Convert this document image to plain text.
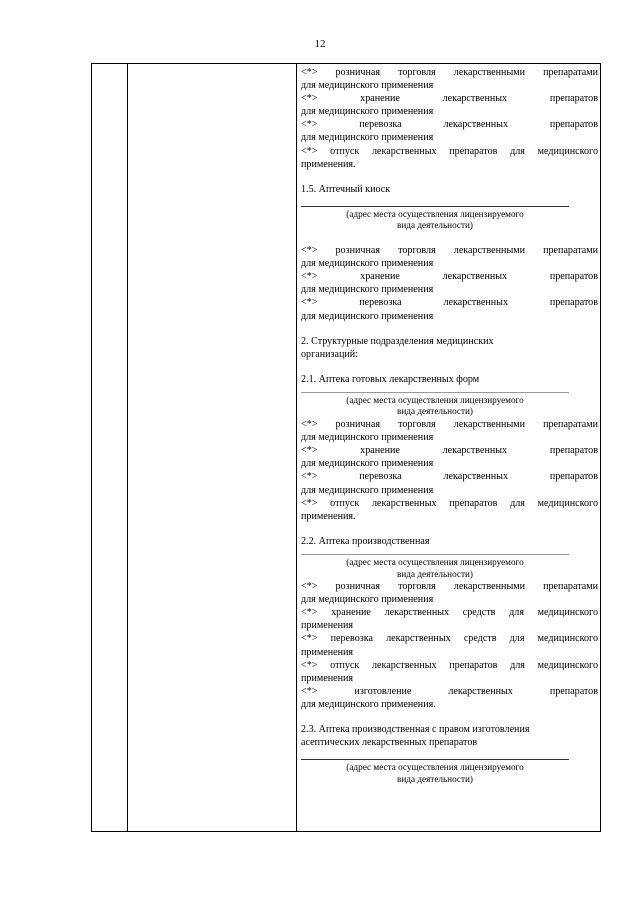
12
<*> розничная торговля лекарственными препаратами
для медицинского применения
<*> хранение лекарственных препаратов
для медицинского применения
<*> перевозка лекарственных препаратов
для медицинского применения
<*> отпуск лекарственных препаратов для медицинского
применения.
1.5. Аптечный киоск
(адрес места осуществления лицензируемого
вида деятельности)
<*> розничная торговля лекарственными препаратами
для медицинского применения
<*> хранение лекарственных препаратов
для медицинского применения
<*> перевозка лекарственных препаратов
для медицинского применения
2. Структурные подразделения медицинских
организаций:
2.1. Аптека готовых лекарственных форм
(адрес места осуществления лицензируемого
вида деятельности)
<*> розничная торговля лекарственными препаратами
для медицинского применения
<*> хранение лекарственных препаратов
для медицинского применения
<*> перевозка лекарственных препаратов
для медицинского применения
<*> отпуск лекарственных препаратов для медицинского
применения.
2.2. Аптека производственная
(адрес места осуществления лицензируемого
вида деятельности)
<*> розничная торговля лекарственными препаратами
для медицинского применения
<*> хранение лекарственных средств для медицинского
применения
<*> перевозка лекарственных средств для медицинского
применения
<*> отпуск лекарственных препаратов для медицинского
применения
<*> изготовление лекарственных препаратов
для медицинского применения.
2.3. Аптека производственная с правом изготовления
асептических лекарственных препаратов
(адрес места осуществления лицензируемого
вида деятельности)
